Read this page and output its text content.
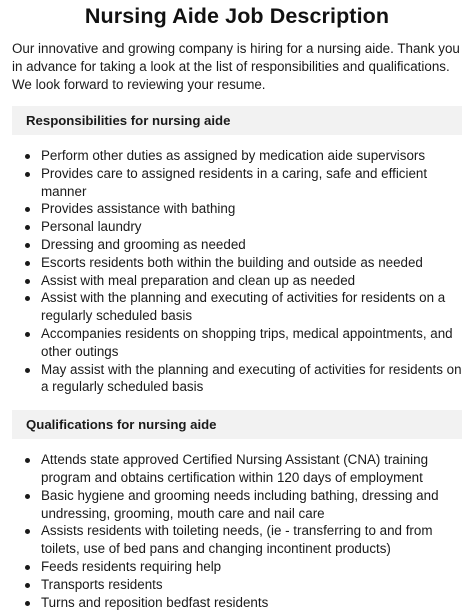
Nursing Aide Job Description

Our innovative and growing company is hiring for a nursing aide. Thank you in advance for taking a look at the list of responsibilities and qualifications. We look forward to reviewing your resume.

Responsibilities for nursing aide
Perform other duties as assigned by medication aide supervisors
Provides care to assigned residents in a caring, safe and efficient manner
Provides assistance with bathing
Personal laundry
Dressing and grooming as needed
Escorts residents both within the building and outside as needed
Assist with meal preparation and clean up as needed
Assist with the planning and executing of activities for residents on a regularly scheduled basis
Accompanies residents on shopping trips, medical appointments, and other outings
May assist with the planning and executing of activities for residents on a regularly scheduled basis
Qualifications for nursing aide
Attends state approved Certified Nursing Assistant (CNA) training program and obtains certification within 120 days of employment
Basic hygiene and grooming needs including bathing, dressing and undressing, grooming, mouth care and nail care
Assists residents with toileting needs, (ie - transferring to and from toilets, use of bed pans and changing incontinent products)
Feeds residents requiring help
Transports residents
Turns and reposition bedfast residents
